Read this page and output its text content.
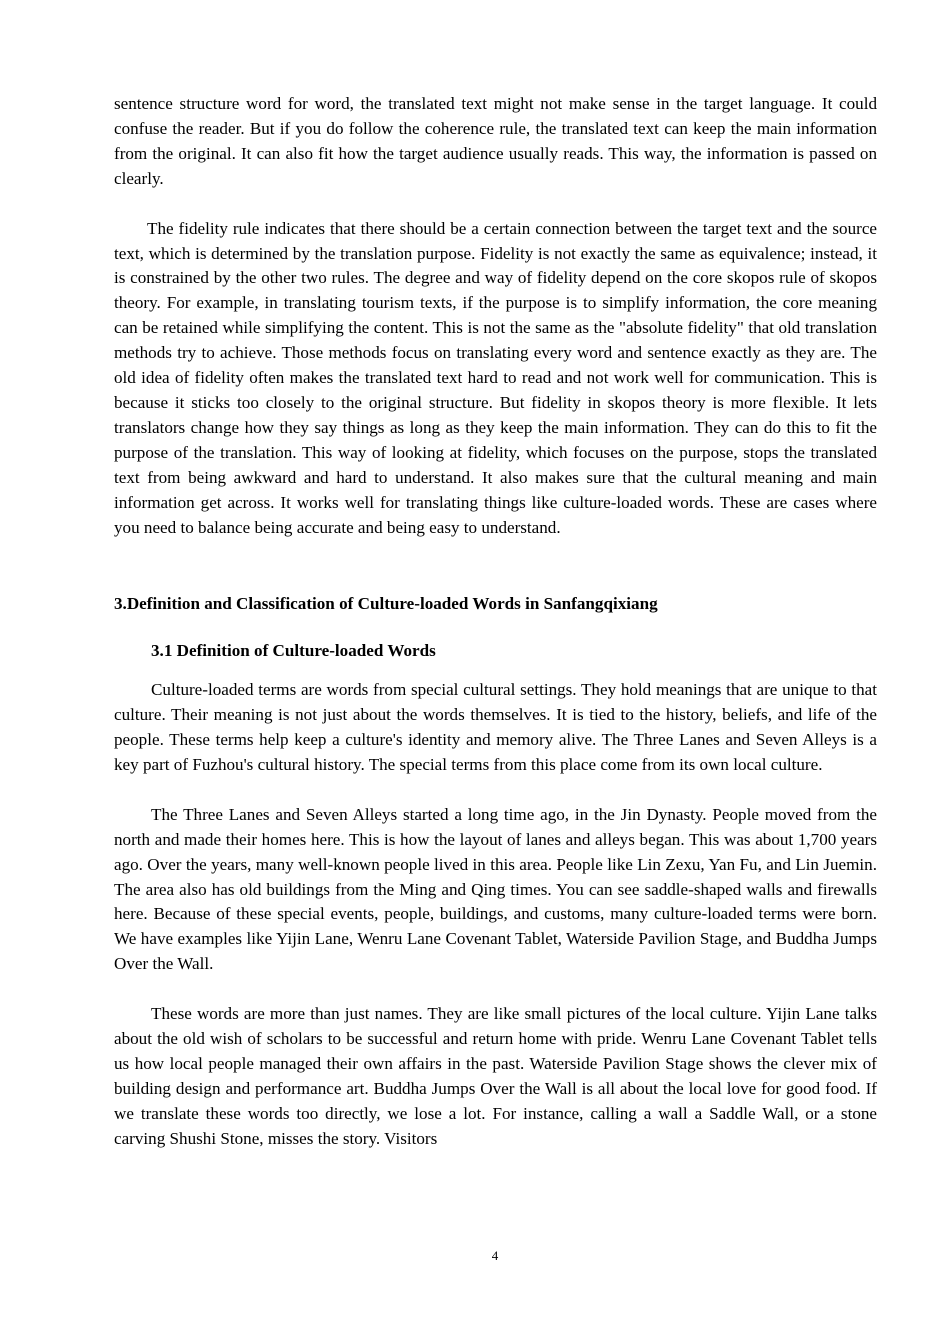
sentence structure word for word, the translated text might not make sense in the target language. It could confuse the reader. But if you do follow the coherence rule, the translated text can keep the main information from the original. It can also fit how the target audience usually reads. This way, the information is passed on clearly.

The fidelity rule indicates that there should be a certain connection between the target text and the source text, which is determined by the translation purpose. Fidelity is not exactly the same as equivalence; instead, it is constrained by the other two rules. The degree and way of fidelity depend on the core skopos rule of skopos theory. For example, in translating tourism texts, if the purpose is to simplify information, the core meaning can be retained while simplifying the content. This is not the same as the "absolute fidelity" that old translation methods try to achieve. Those methods focus on translating every word and sentence exactly as they are. The old idea of fidelity often makes the translated text hard to read and not work well for communication. This is because it sticks too closely to the original structure. But fidelity in skopos theory is more flexible. It lets translators change how they say things as long as they keep the main information. They can do this to fit the purpose of the translation. This way of looking at fidelity, which focuses on the purpose, stops the translated text from being awkward and hard to understand. It also makes sure that the cultural meaning and main information get across. It works well for translating things like culture-loaded words. These are cases where you need to balance being accurate and being easy to understand.

3.Definition and Classification of Culture-loaded Words in Sanfangqixiang
3.1 Definition of Culture-loaded Words

Culture-loaded terms are words from special cultural settings. They hold meanings that are unique to that culture. Their meaning is not just about the words themselves. It is tied to the history, beliefs, and life of the people. These terms help keep a culture's identity and memory alive. The Three Lanes and Seven Alleys is a key part of Fuzhou's cultural history. The special terms from this place come from its own local culture.

The Three Lanes and Seven Alleys started a long time ago, in the Jin Dynasty. People moved from the north and made their homes here. This is how the layout of lanes and alleys began. This was about 1,700 years ago. Over the years, many well-known people lived in this area. People like Lin Zexu, Yan Fu, and Lin Juemin. The area also has old buildings from the Ming and Qing times. You can see saddle-shaped walls and firewalls here. Because of these special events, people, buildings, and customs, many culture-loaded terms were born. We have examples like Yijin Lane, Wenru Lane Covenant Tablet, Waterside Pavilion Stage, and Buddha Jumps Over the Wall.

These words are more than just names. They are like small pictures of the local culture. Yijin Lane talks about the old wish of scholars to be successful and return home with pride. Wenru Lane Covenant Tablet tells us how local people managed their own affairs in the past. Waterside Pavilion Stage shows the clever mix of building design and performance art. Buddha Jumps Over the Wall is all about the local love for good food. If we translate these words too directly, we lose a lot. For instance, calling a wall a Saddle Wall, or a stone carving Shushi Stone, misses the story. Visitors

4
